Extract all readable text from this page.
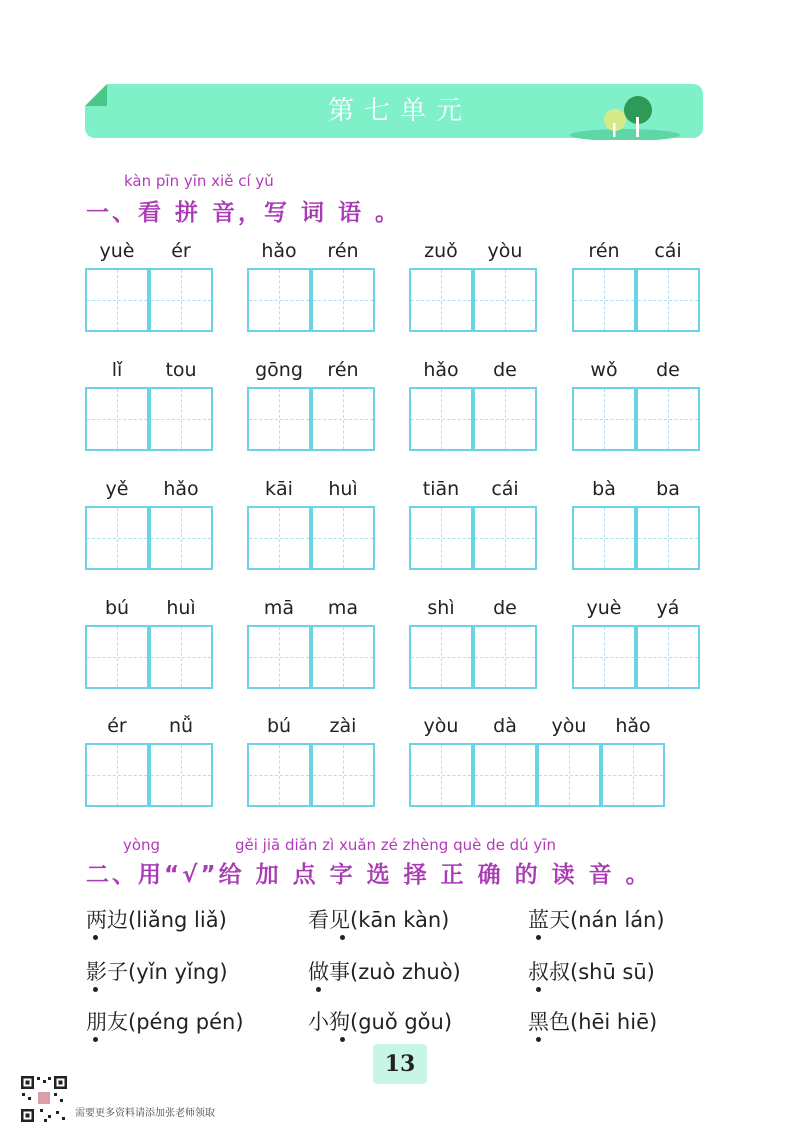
第七单元
kàn pīn yīn xiě cí yǔ
一、看 拼 音，写 词 语 。
yuè	ér	hǎo	rén	zuǒ	yòu	rén	cái
lǐ	tou	gōng	rén	hǎo	de	wǒ	de
yě	hǎo	kāi	huì	tiān	cái	bà	ba
bú	huì	mā	ma	shì	de	yuè	yá
ér	nǚ	bú	zài	yòu	dà	yòu	hǎo
yòng	gěi jiā diǎn zì xuǎn zé zhèng què de dú yīn
二、用“√”给 加 点 字 选 择 正 确 的 读 音 。
两边(liǎng liǎ)	看见(kān kàn)	蓝天(nán lán)
影子(yǐn yǐng)	做事(zuò zhuò)	叔叔(shū sū)
朋友(péng pén)	小狗(guǒ gǒu)	黑色(hēi hiē)
13
需要更多资料请添加张老师领取
